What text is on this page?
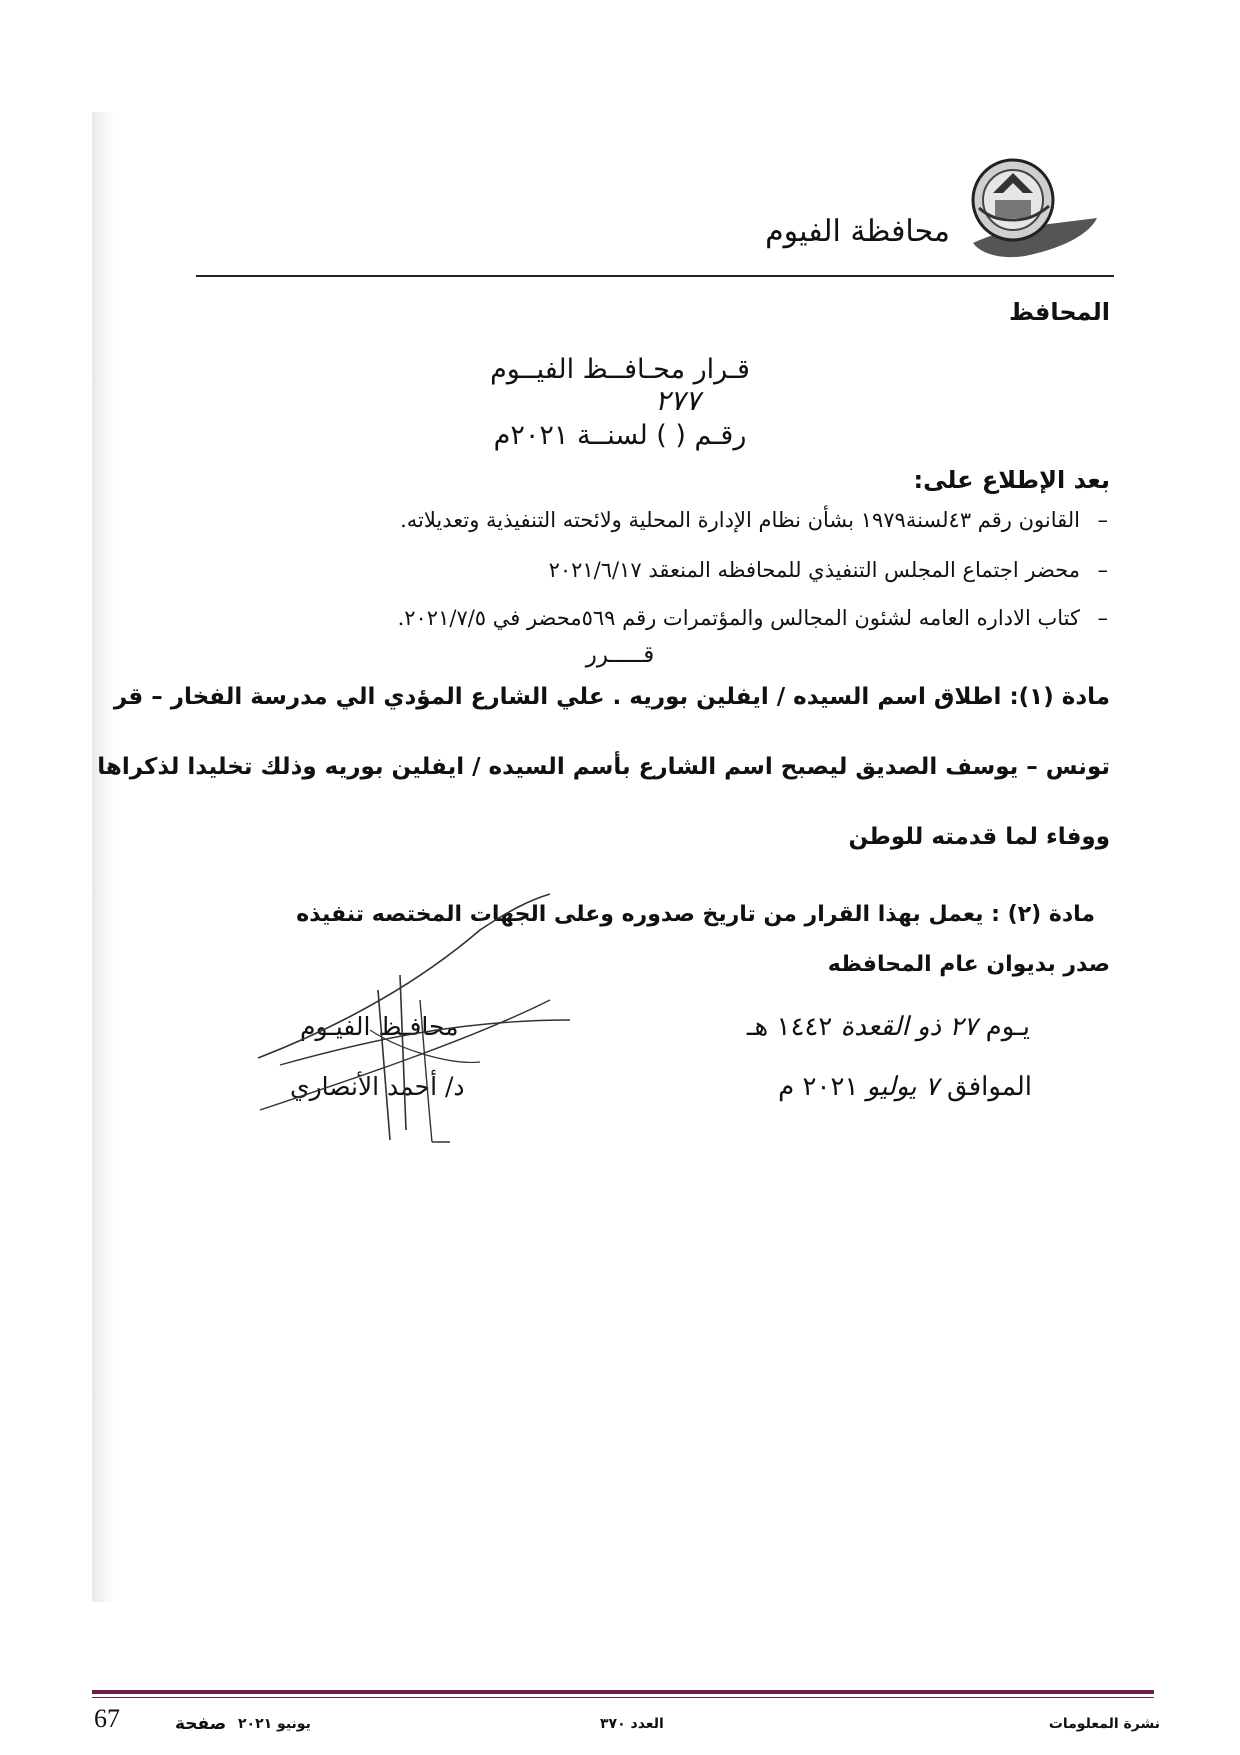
محافظة الفيوم
المحافظ
قـرار محـافــظ الفيــوم
٢٧٧
رقـم ( ) لسنــة ٢٠٢١م
بعد الإطلاع على:
–
القانون رقم ٤٣لسنة١٩٧٩ بشأن نظام الإدارة المحلية ولائحته التنفيذية وتعديلاته.
–
محضر اجتماع المجلس التنفيذي للمحافظه المنعقد ٢٠٢١/٦/١٧
–
كتاب الاداره العامه لشئون المجالس والمؤتمرات رقم ٥٦٩محضر في ٢٠٢١/٧/٥.
قـــــرر
مادة (١): اطلاق اسم السيده / ايفلين بوريه . علي الشارع المؤدي الي مدرسة الفخار – قر
تونس – يوسف الصديق ليصبح اسم الشارع بأسم السيده / ايفلين بوريه وذلك تخليدا لذكراها
ووفاء لما قدمته للوطن
مادة (٢) : يعمل بهذا القرار من تاريخ صدوره وعلى الجهات المختصه تنفيذه
صدر بديوان عام المحافظه
يـوم ٢٧ ذو القعدة ١٤٤٢ هـ
الموافق ٧ يوليو ٢٠٢١ م
محافـظ الفيـوم
د/ أحمد الأنصاري
نشرة المعلومات
العدد ٣٧٠
يونيو ٢٠٢١
صفحة
67
